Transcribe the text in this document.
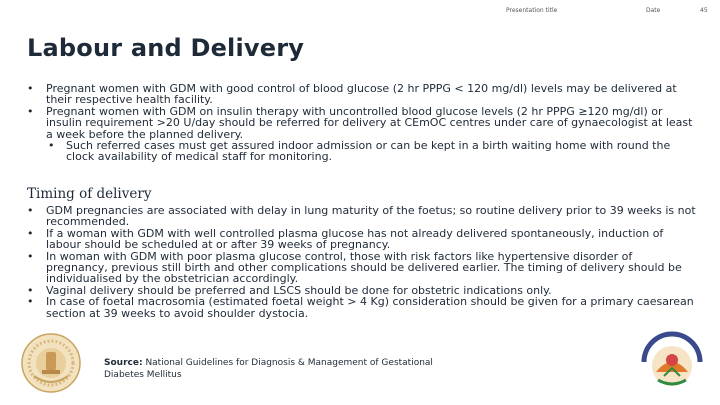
Presentation title	Date	45
Labour and Delivery
• Pregnant women with GDM with good control of blood glucose (2 hr PPPG < 120 mg/dl) levels may be delivered at their respective health facility.
• Pregnant women with GDM on insulin therapy with uncontrolled blood glucose levels (2 hr PPPG ≥120 mg/dl) or insulin requirement >20 U/day should be referred for delivery at CEmOC centres under care of gynaecologist at least a week before the planned delivery.
• Such referred cases must get assured indoor admission or can be kept in a birth waiting home with round the clock availability of medical staff for monitoring.
Timing of delivery
• GDM pregnancies are associated with delay in lung maturity of the foetus; so routine delivery prior to 39 weeks is not recommended.
• If a woman with GDM with well controlled plasma glucose has not already delivered spontaneously, induction of labour should be scheduled at or after 39 weeks of pregnancy.
• In woman with GDM with poor plasma glucose control, those with risk factors like hypertensive disorder of pregnancy, previous still birth and other complications should be delivered earlier. The timing of delivery should be individualised by the obstetrician accordingly.
• Vaginal delivery should be preferred and LSCS should be done for obstetric indications only.
• In case of foetal macrosomia (estimated foetal weight > 4 Kg) consideration should be given for a primary caesarean section at 39 weeks to avoid shoulder dystocia.
Source: National Guidelines for Diagnosis & Management of Gestational Diabetes Mellitus
